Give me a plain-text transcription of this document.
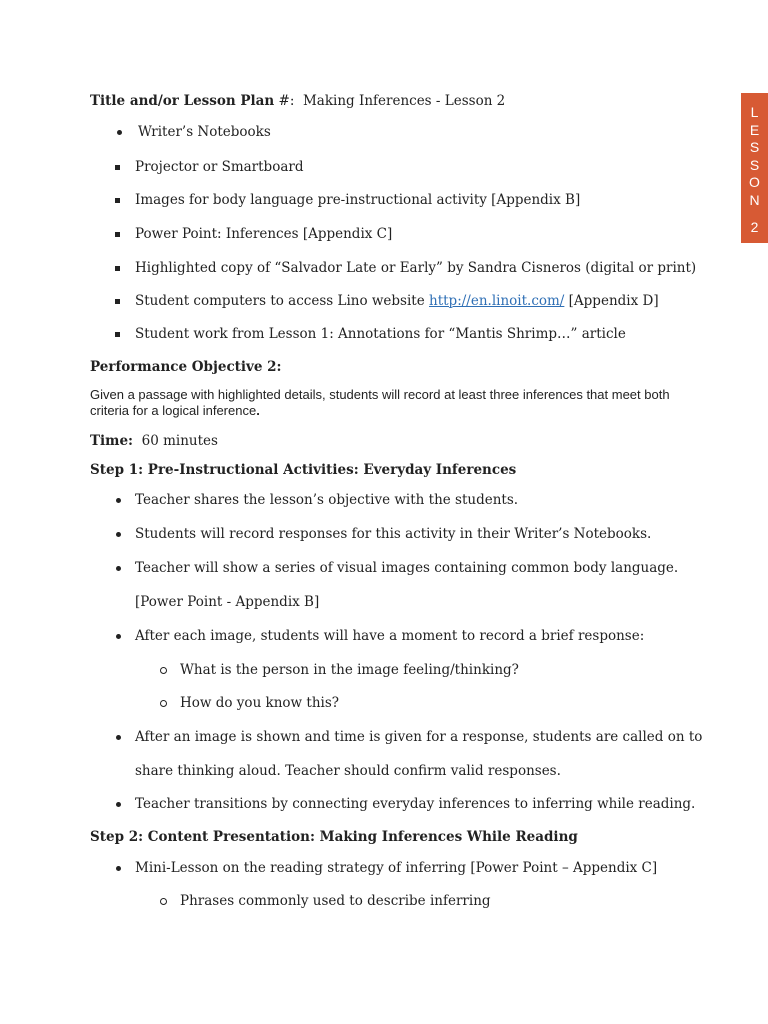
Title and/or Lesson Plan #: Making Inferences - Lesson 2
Writer’s Notebooks
Projector or Smartboard
Images for body language pre-instructional activity [Appendix B]
Power Point: Inferences [Appendix C]
Highlighted copy of “Salvador Late or Early” by Sandra Cisneros (digital or print)
Student computers to access Lino website http://en.linoit.com/ [Appendix D]
Student work from Lesson 1: Annotations for “Mantis Shrimp…” article
Performance Objective 2:
Given a passage with highlighted details, students will record at least three inferences that meet both criteria for a logical inference.
Time: 60 minutes
Step 1: Pre-Instructional Activities: Everyday Inferences
Teacher shares the lesson’s objective with the students.
Students will record responses for this activity in their Writer’s Notebooks.
Teacher will show a series of visual images containing common body language.
[Power Point - Appendix B]
After each image, students will have a moment to record a brief response:
What is the person in the image feeling/thinking?
How do you know this?
After an image is shown and time is given for a response, students are called on to
share thinking aloud. Teacher should confirm valid responses.
Teacher transitions by connecting everyday inferences to inferring while reading.
Step 2: Content Presentation: Making Inferences While Reading
Mini-Lesson on the reading strategy of inferring [Power Point – Appendix C]
Phrases commonly used to describe inferring
L
E
S
S
O
N
2
